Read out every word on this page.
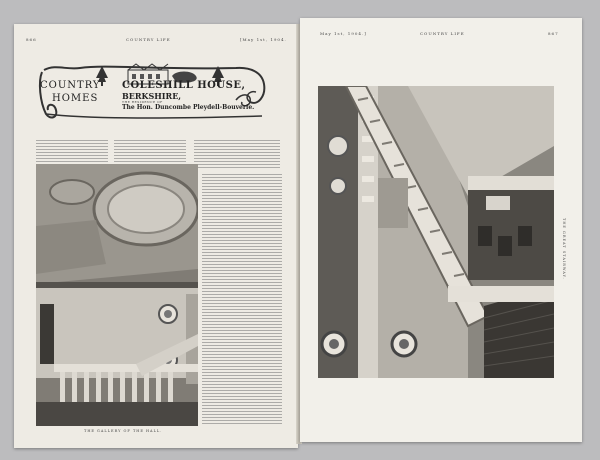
866	COUNTRY LIFE	[May 1st, 1904.
COUNTRY
HOMES
COLESHILL HOUSE,
BERKSHIRE,
THE RESIDENCE OF
The Hon. Duncombe Pleydell-Bouverie.
THE GALLERY OF THE HALL.
May 1st, 1904.]	COUNTRY LIFE	867
THE GREAT STAIRWAY.
